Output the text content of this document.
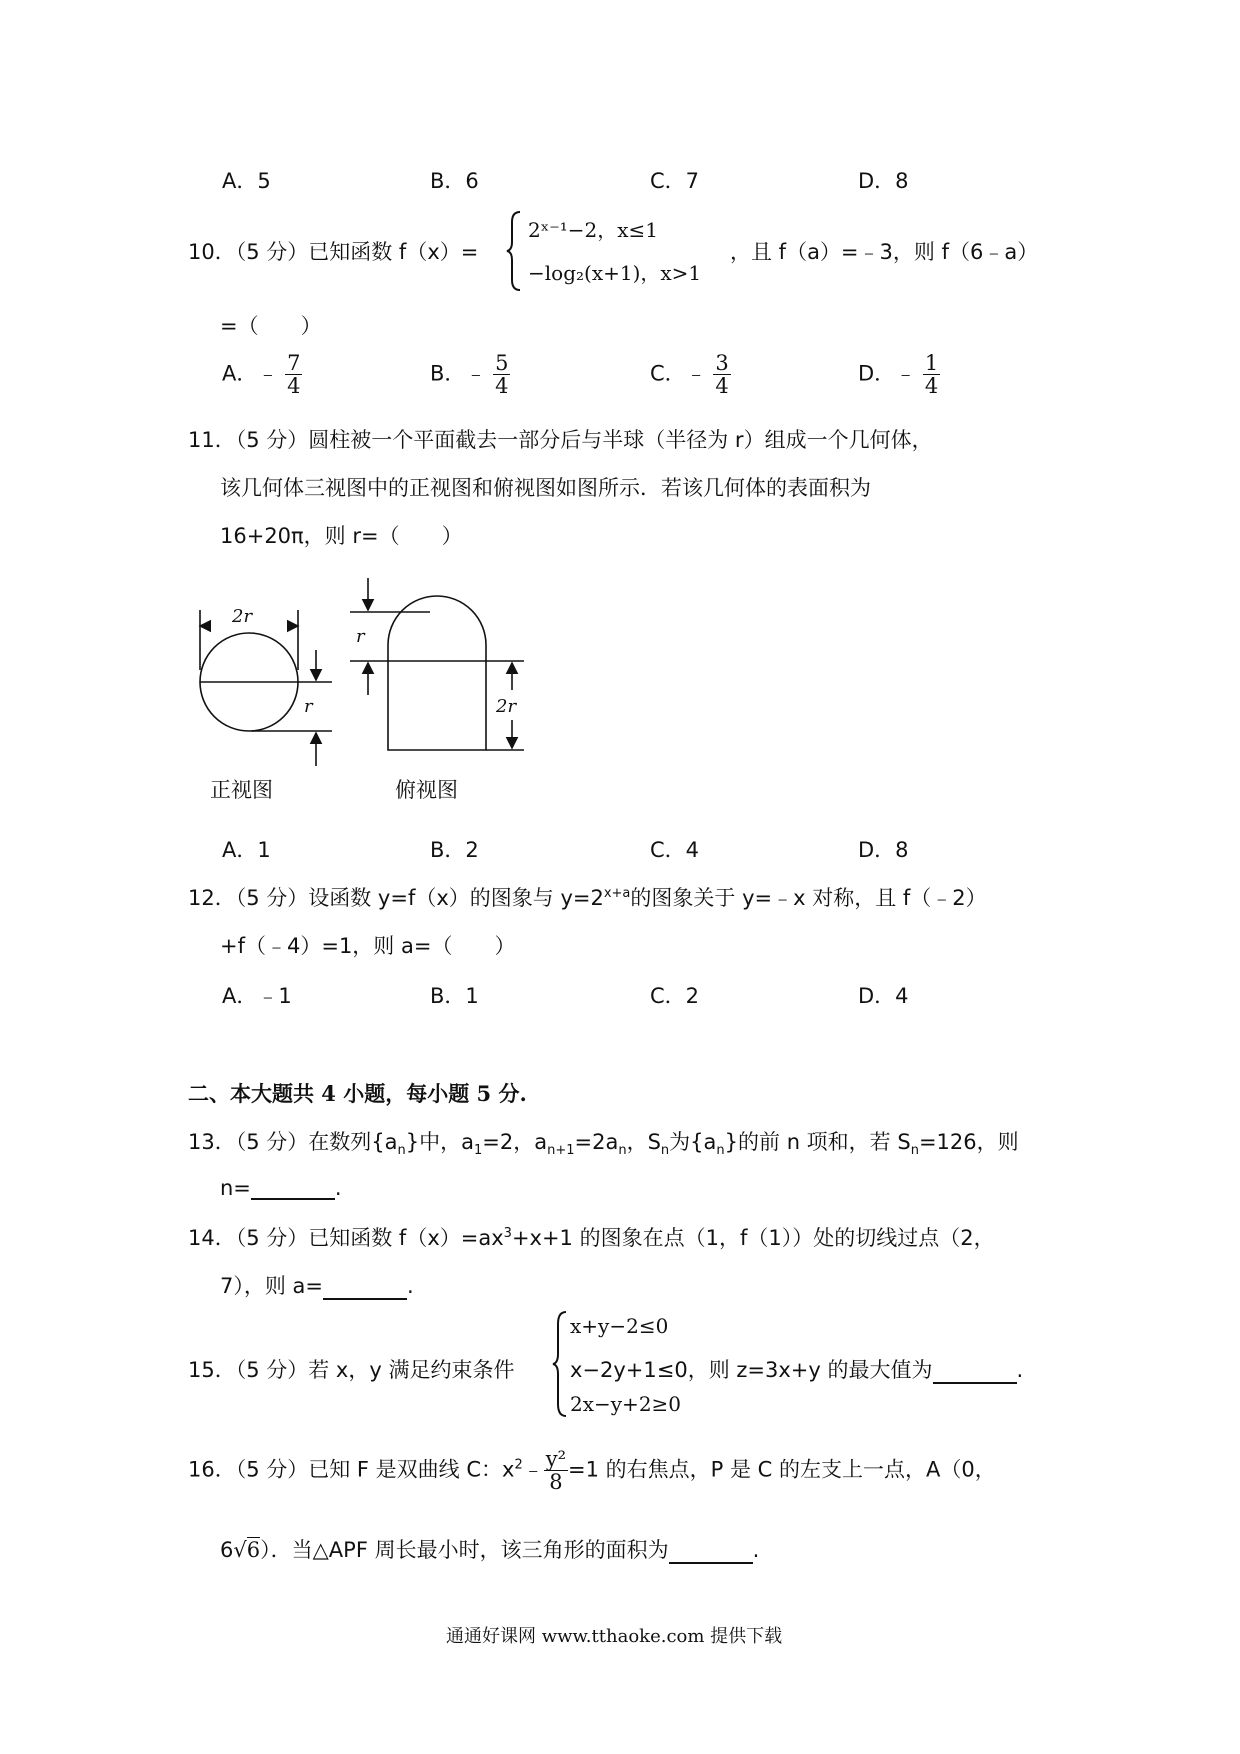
A．5	B．6	C．7	D．8
10．（5 分）已知函数 f（x）=
2ˣ⁻¹−2，x≤1
−log₂(x+1)，x>1
，且 f（a）=﹣3，则 f（6﹣a）
=（　　）
A．﹣ $\frac{7}{4}$	B．﹣ $\frac{5}{4}$	C．﹣ $\frac{3}{4}$	D．﹣ $\frac{1}{4}$
11．（5 分）圆柱被一个平面截去一部分后与半球（半径为 r）组成一个几何体，
该几何体三视图中的正视图和俯视图如图所示．若该几何体的表面积为
16+20π，则 r=（　　）
2r
r
r
2r
正视图	俯视图
A．1	B．2	C．4	D．8
12．（5 分）设函数 y=f（x）的图象与 $y=2^{x+a}$的图象关于 y=﹣x 对称，且 f（﹣2）
+f（﹣4）=1，则 a=（　　）
A．﹣1	B．1	C．2	D．4
二、本大题共 4 小题，每小题 5 分.
13．（5 分）在数列$\{a_n\}$中，$a_1=2$，$a_{n+1}=2a_n$，$S_n$为$\{a_n\}$的前 n 项和，若 $S_n=126$，则
n=	.
14．（5 分）已知函数 $f(x)=ax^3+x+1$ 的图象在点（1，f（1））处的切线过点（2，
7），则 a=	.
15．（5 分）若 x，y 满足约束条件
x+y−2≤0
x−2y+1≤0，则 z=3x+y 的最大值为	.
2x−y+2≥0
16．（5 分）已知 F 是双曲线 C：$x^2﹣ \frac{\text{y²}}{8} =1$ 的右焦点，P 是 C 的左支上一点，A（0，
6√6）．当△APF 周长最小时，该三角形的面积为	.
通通好课网 www.tthaoke.com 提供下载
